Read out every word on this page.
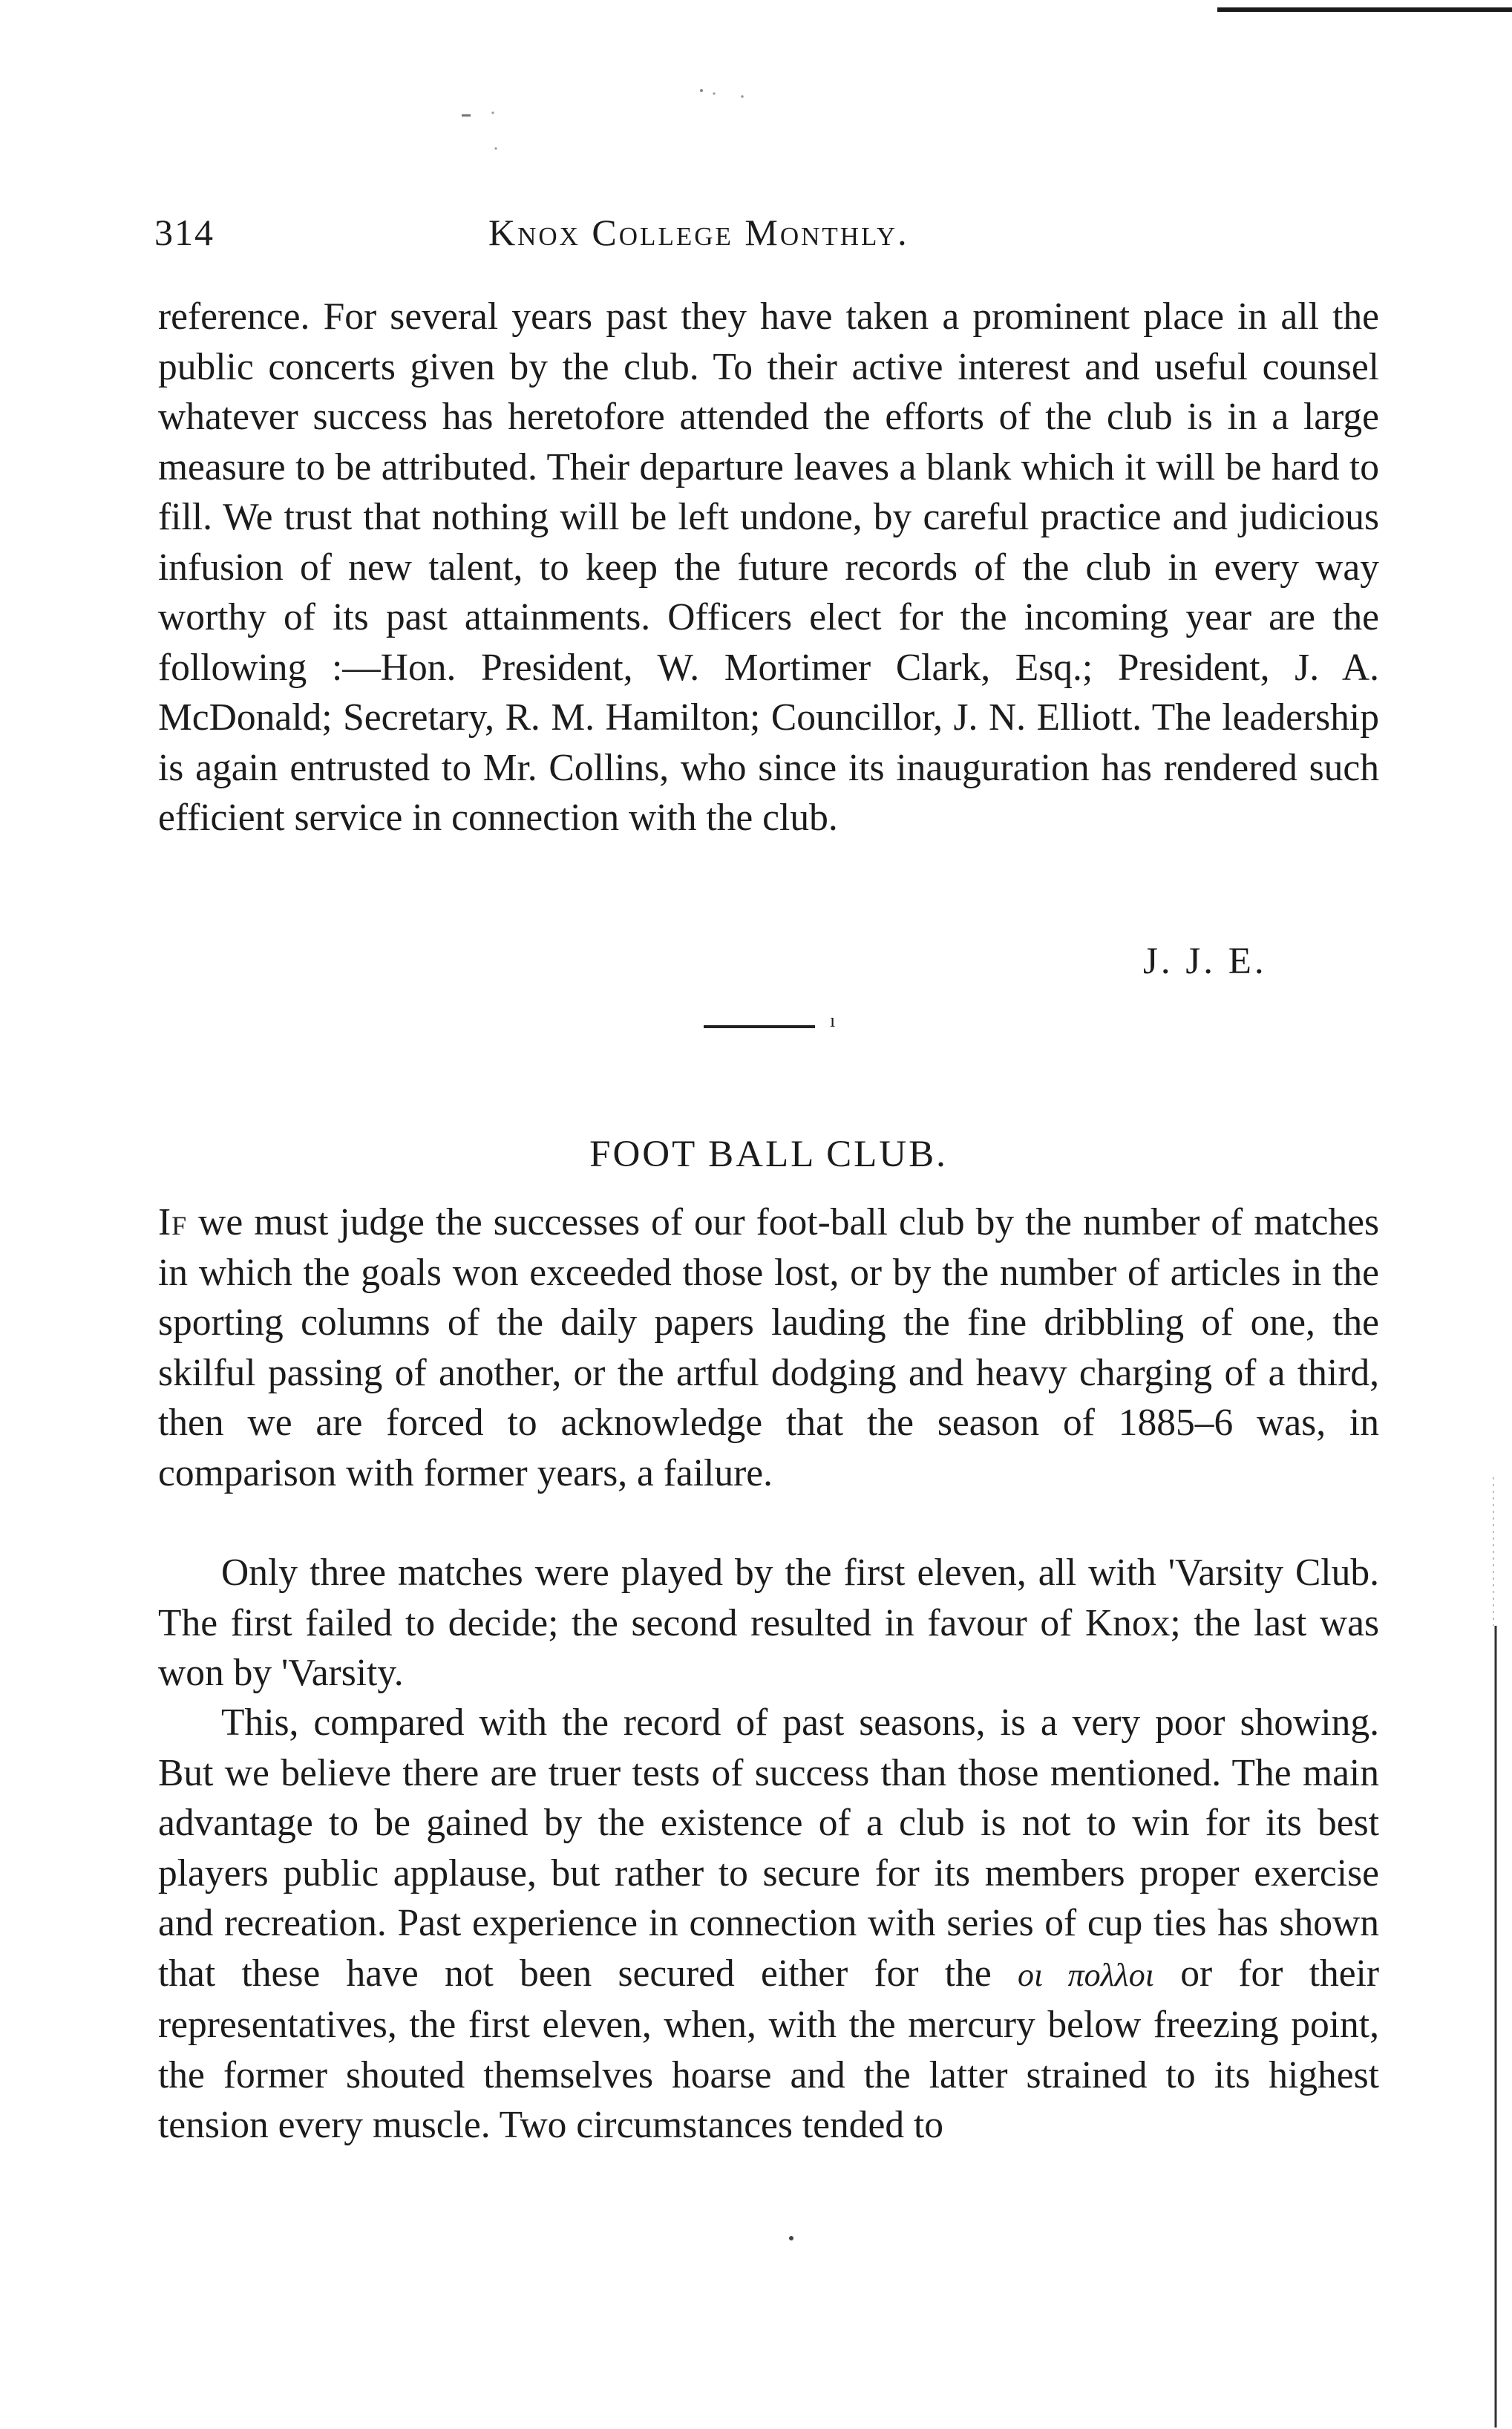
314	Knox College Monthly.

reference. For several years past they have taken a prominent place in all the public concerts given by the club. To their active interest and useful counsel whatever success has heretofore attended the efforts of the club is in a large measure to be attributed. Their departure leaves a blank which it will be hard to fill. We trust that nothing will be left undone, by careful practice and judicious infusion of new talent, to keep the future records of the club in every way worthy of its past attainments. Officers elect for the incoming year are the following :—Hon. President, W. Mortimer Clark, Esq.; President, J. A. McDonald; Secretary, R. M. Hamilton; Councillor, J. N. Elliott. The leadership is again entrusted to Mr. Collins, who since its inauguration has rendered such efficient service in connection with the club.

J. J. E.
ı
FOOT BALL CLUB.

If we must judge the successes of our foot-ball club by the number of matches in which the goals won exceeded those lost, or by the number of articles in the sporting columns of the daily papers lauding the fine dribbling of one, the skilful passing of another, or the artful dodging and heavy charging of a third, then we are forced to acknowledge that the season of 1885–6 was, in comparison with former years, a failure.

Only three matches were played by the first eleven, all with 'Varsity Club. The first failed to decide; the second resulted in favour of Knox; the last was won by 'Varsity.

This, compared with the record of past seasons, is a very poor showing. But we believe there are truer tests of success than those mentioned. The main advantage to be gained by the existence of a club is not to win for its best players public applause, but rather to secure for its members proper exercise and recreation. Past experience in connection with series of cup ties has shown that these have not been secured either for the οι πολλοι or for their representatives, the first eleven, when, with the mercury below freezing point, the former shouted themselves hoarse and the latter strained to its highest tension every muscle. Two circumstances tended to
